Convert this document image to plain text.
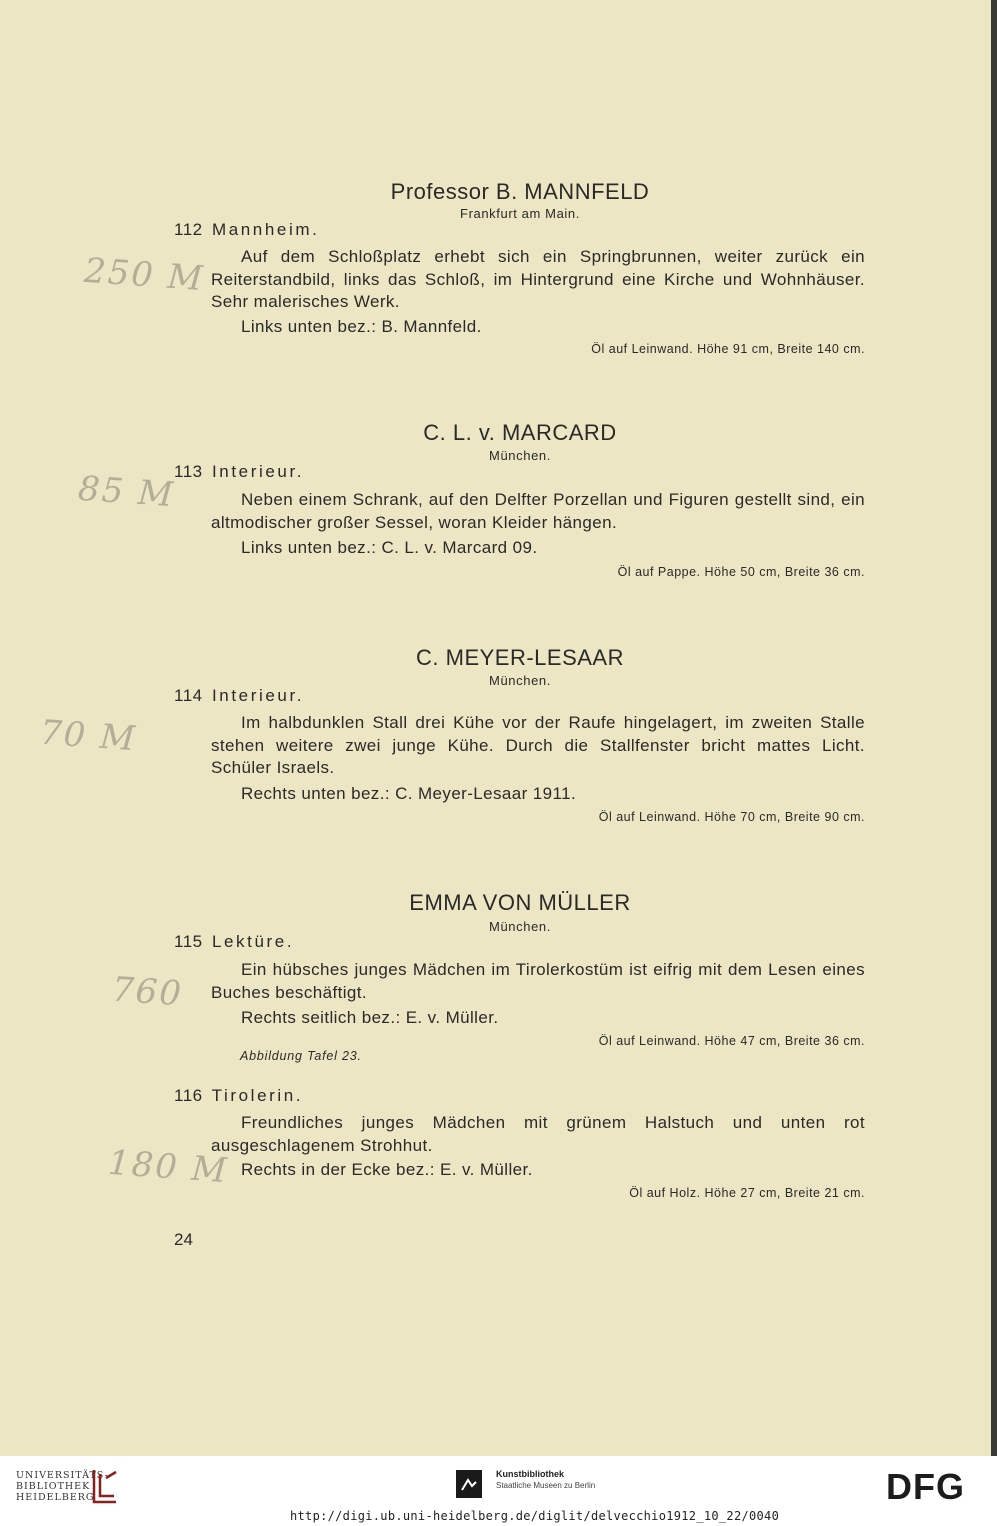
Professor B. MANNFELD
Frankfurt am Main.
112 Mannheim.
Auf dem Schloßplatz erhebt sich ein Springbrunnen, weiter zurück ein Reiterstandbild, links das Schloß, im Hintergrund eine Kirche und Wohnhäuser. Sehr malerisches Werk.
Links unten bez.: B. Mannfeld.
Öl auf Leinwand. Höhe 91 cm, Breite 140 cm.
250 M
C. L. v. MARCARD
München.
113 Interieur.
Neben einem Schrank, auf den Delfter Porzellan und Figuren gestellt sind, ein altmodischer großer Sessel, woran Kleider hängen.
Links unten bez.: C. L. v. Marcard 09.
Öl auf Pappe. Höhe 50 cm, Breite 36 cm.
85 M
C. MEYER-LESAAR
München.
114 Interieur.
Im halbdunklen Stall drei Kühe vor der Raufe hingelagert, im zweiten Stalle stehen weitere zwei junge Kühe. Durch die Stallfenster bricht mattes Licht. Schüler Israels.
Rechts unten bez.: C. Meyer-Lesaar 1911.
Öl auf Leinwand. Höhe 70 cm, Breite 90 cm.
70 M
EMMA VON MÜLLER
München.
115 Lektüre.
Ein hübsches junges Mädchen im Tirolerkostüm ist eifrig mit dem Lesen eines Buches beschäftigt.
Rechts seitlich bez.: E. v. Müller.
Öl auf Leinwand. Höhe 47 cm, Breite 36 cm.
Abbildung Tafel 23.
760
116 Tirolerin.
Freundliches junges Mädchen mit grünem Halstuch und unten rot ausgeschlagenem Strohhut.
Rechts in der Ecke bez.: E. v. Müller.
Öl auf Holz. Höhe 27 cm, Breite 21 cm.
180 M
24
UNIVERSITÄTS-
BIBLIOTHEK
HEIDELBERG
Kunstbibliothek
Staatliche Museen zu Berlin	DFG
http://digi.ub.uni-heidelberg.de/diglit/delvecchio1912_10_22/0040
